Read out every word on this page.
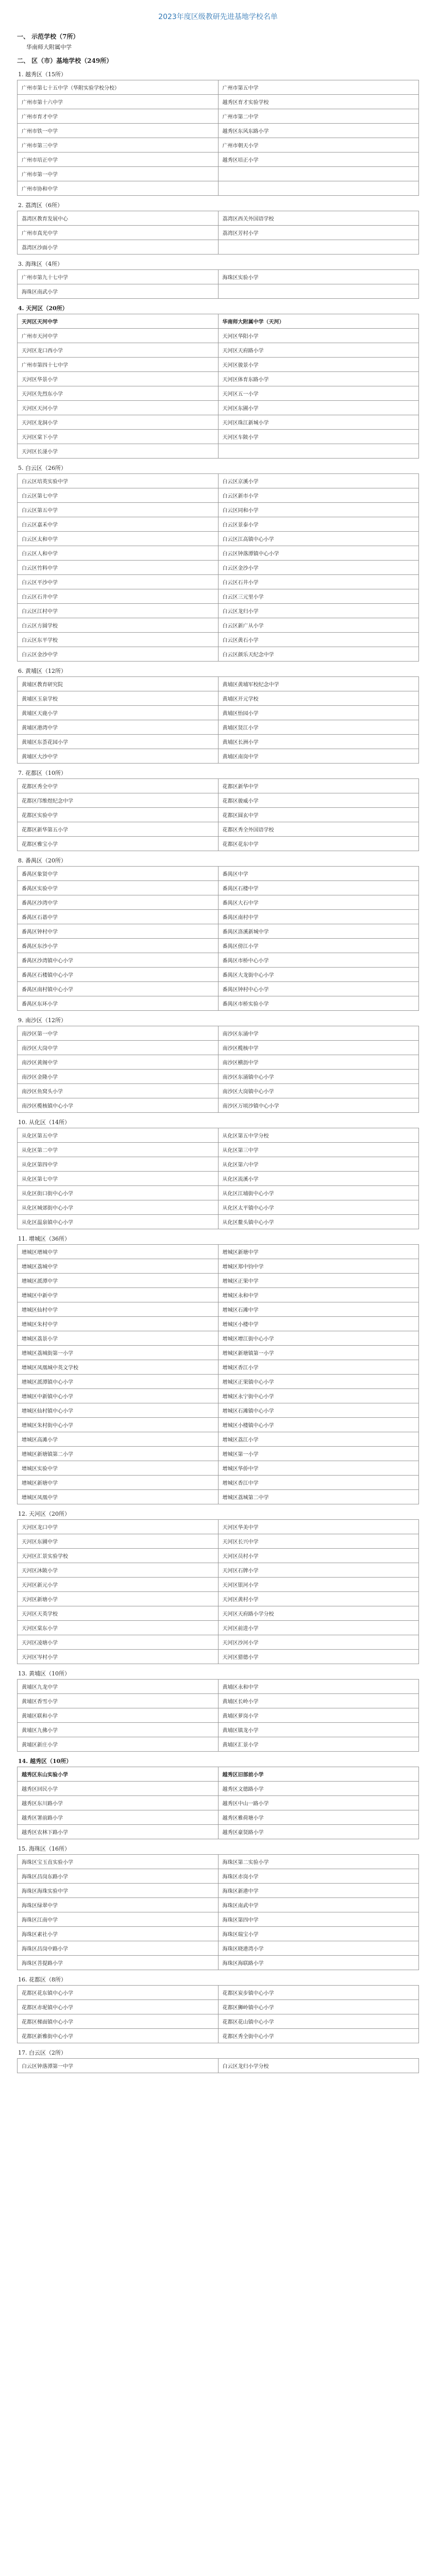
2023年度区级教研先进基地学校名单
一、 示范学校（7所）
华南师大附属中学
二、 区（市）基地学校（249所）
1. 越秀区（15所）
广州市第七十五中学（华附实验学校分校）	广州市第五中学
广州市第十六中学	越秀区育才实验学校
广州市育才中学	广州市第二中学
广州市铁一中学	越秀区东风东路小学
广州市第三中学	广州市朝天小学
广州市培正中学	越秀区培正小学
广州市第一中学	
广州市协和中学	
2. 荔湾区（6所）
荔湾区教育发展中心	荔湾区西关外国语学校
广州市真光中学	荔湾区芳村小学
荔湾区沙面小学	
3. 海珠区（4所）
广州市第九十七中学	海珠区实验小学
海珠区南武小学	
4. 天河区（20所）
天河区天河中学	华南师大附属中学（天河）
广州市天河中学	天河区华阳小学
天河区龙口西小学	天河区天府路小学
广州市第四十七中学	天河区骏景小学
天河区华景小学	天河区体育东路小学
天河区先烈东小学	天河区五一小学
天河区天河小学	天河区东圃小学
天河区龙洞小学	天河区珠江新城小学
天河区棠下小学	天河区车陂小学
天河区长湴小学	
5. 白云区（26所）
白云区培英实验中学	白云区京溪小学
白云区第七中学	白云区新市小学
白云区第五中学	白云区同和小学
白云区嘉禾中学	白云区景泰小学
白云区太和中学	白云区江高镇中心小学
白云区人和中学	白云区钟落潭镇中心小学
白云区竹料中学	白云区金沙小学
白云区平沙中学	白云区石井小学
白云区石井中学	白云区三元里小学
白云区江村中学	白云区龙归小学
白云区方圆学校	白云区新广从小学
白云区东平学校	白云区黄石小学
白云区金沙中学	白云区颜乐天纪念中学
6. 黄埔区（12所）
黄埔区教育研究院	黄埔区黄埔军校纪念中学
黄埔区玉泉学校	黄埔区开元学校
黄埔区天鹿小学	黄埔区怡园小学
黄埔区港湾中学	黄埔区贤江小学
黄埔区东荟花园小学	黄埔区长洲小学
黄埔区大沙中学	黄埔区南岗中学
7. 花都区（10所）
花都区秀全中学	花都区新华中学
花都区邝维煜纪念中学	花都区骏威小学
花都区实验中学	花都区圆玄中学
花都区新华第五小学	花都区秀全外国语学校
花都区雅宝小学	花都区花东中学
8. 番禺区（20所）
番禺区象贤中学	番禺区中学
番禺区实验中学	番禺区石楼中学
番禺区沙湾中学	番禺区大石中学
番禺区石碁中学	番禺区南村中学
番禺区钟村中学	番禺区洛溪新城中学
番禺区东沙小学	番禺区傍江小学
番禺区沙湾镇中心小学	番禺区市桥中心小学
番禺区石楼镇中心小学	番禺区大龙街中心小学
番禺区南村镇中心小学	番禺区钟村中心小学
番禺区东环小学	番禺区市桥实验小学
9. 南沙区（12所）
南沙区第一中学	南沙区东涌中学
南沙区大岗中学	南沙区榄核中学
南沙区黄阁中学	南沙区横沥中学
南沙区金隆小学	南沙区东涌镇中心小学
南沙区鱼窝头小学	南沙区大岗镇中心小学
南沙区榄核镇中心小学	南沙区万顷沙镇中心小学
10. 从化区（14所）
从化区第五中学	从化区第五中学分校
从化区第二中学	从化区第三中学
从化区第四中学	从化区第六中学
从化区第七中学	从化区流溪小学
从化区街口街中心小学	从化区江埔街中心小学
从化区城郊街中心小学	从化区太平镇中心小学
从化区温泉镇中心小学	从化区鳌头镇中心小学
11. 增城区（36所）
增城区增城中学	增城区新塘中学
增城区荔城中学	增城区郑中钧中学
增城区派潭中学	增城区正果中学
增城区中新中学	增城区永和中学
增城区仙村中学	增城区石滩中学
增城区朱村中学	增城区小楼中学
增城区荔景小学	增城区增江街中心小学
增城区荔城街第一小学	增城区新塘镇第一小学
增城区凤凰城中英文学校	增城区香江小学
增城区派潭镇中心小学	增城区正果镇中心小学
增城区中新镇中心小学	增城区永宁街中心小学
增城区仙村镇中心小学	增城区石滩镇中心小学
增城区朱村街中心小学	增城区小楼镇中心小学
增城区高滩小学	增城区荔江小学
增城区新塘镇第二小学	增城区第一小学
增城区实验中学	增城区华侨中学
增城区新塘中学	增城区香江中学
增城区凤凰中学	增城区荔城第二中学
12. 天河区（20所）
天河区龙口中学	天河区华美中学
天河区东圃中学	天河区长兴中学
天河区汇景实验学校	天河区员村小学
天河区沐陂小学	天河区石牌小学
天河区新元小学	天河区银河小学
天河区新塘小学	天河区黄村小学
天河区天英学校	天河区天府路小学分校
天河区棠东小学	天河区前进小学
天河区凌塘小学	天河区沙河小学
天河区岑村小学	天河区猎德小学
13. 黄埔区（10所）
黄埔区九龙中学	黄埔区永和中学
黄埔区香雪小学	黄埔区长岭小学
黄埔区联和小学	黄埔区萝岗小学
黄埔区九佛小学	黄埔区镇龙小学
黄埔区新庄小学	黄埔区汇景小学
14. 越秀区（10所）
越秀区东山实验小学	越秀区旧部前小学
越秀区回民小学	越秀区文德路小学
越秀区东川路小学	越秀区中山一路小学
越秀区署前路小学	越秀区雅荷塘小学
越秀区农林下路小学	越秀区豪贤路小学
15. 海珠区（16所）
海珠区宝玉直实验小学	海珠区第二实验小学
海珠区昌岗东路小学	海珠区赤岗小学
海珠区海珠实验中学	海珠区新港中学
海珠区绿翠中学	海珠区南武中学
海珠区江南中学	海珠区第四中学
海珠区素社小学	海珠区瑞宝小学
海珠区昌岗中路小学	海珠区晓港湾小学
海珠区菩提路小学	海珠区海联路小学
16. 花都区（8所）
花都区花东镇中心小学	花都区炭步镇中心小学
花都区赤坭镇中心小学	花都区狮岭镇中心小学
花都区梯面镇中心小学	花都区花山镇中心小学
花都区新雅街中心小学	花都区秀全街中心小学
17. 白云区（2所）
白云区钟落潭第一中学	白云区龙归小学分校
